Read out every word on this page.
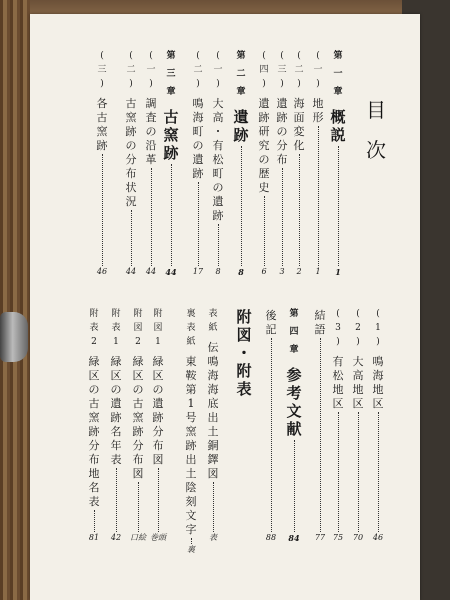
目
次
第
一
章
概
説
1
(
一
)
地
形
1
(
二
)
海
面
変
化
2
(
三
)
遺
跡
の
分
布
3
(
四
)
遺
跡
研
究
の
歴
史
6
第
二
章
遺
跡
8
(
一
)
大
高
・
有
松
町
の
遺
跡
8
(
二
)
鳴
海
町
の
遺
跡
17
第
三
章
古
窯
跡
44
(
一
)
調
査
の
沿
革
44
(
二
)
古
窯
跡
の
分
布
状
況
44
(
三
)
各
古
窯
跡
46
(
1
)
鳴
海
地
区
46
(
2
)
大
高
地
区
70
(
3
)
有
松
地
区
75
結
語
77
第
四
章
参
考
文
献
84
後
記
88
附
図
・
附
表
表
紙
伝
鳴
海
海
底
出
土
銅
鐸
図
表
裏
表
紙
東
鞍
第
1
号
窯
跡
出
土
陰
刻
文
字
裏
附
図
1
緑
区
の
遺
跡
分
布
図
巻頭
附
図
2
緑
区
の
古
窯
跡
分
布
図
口絵
附
表
1
緑
区
の
遺
跡
名
年
表
42
附
表
2
緑
区
の
古
窯
跡
分
布
地
名
表
81
